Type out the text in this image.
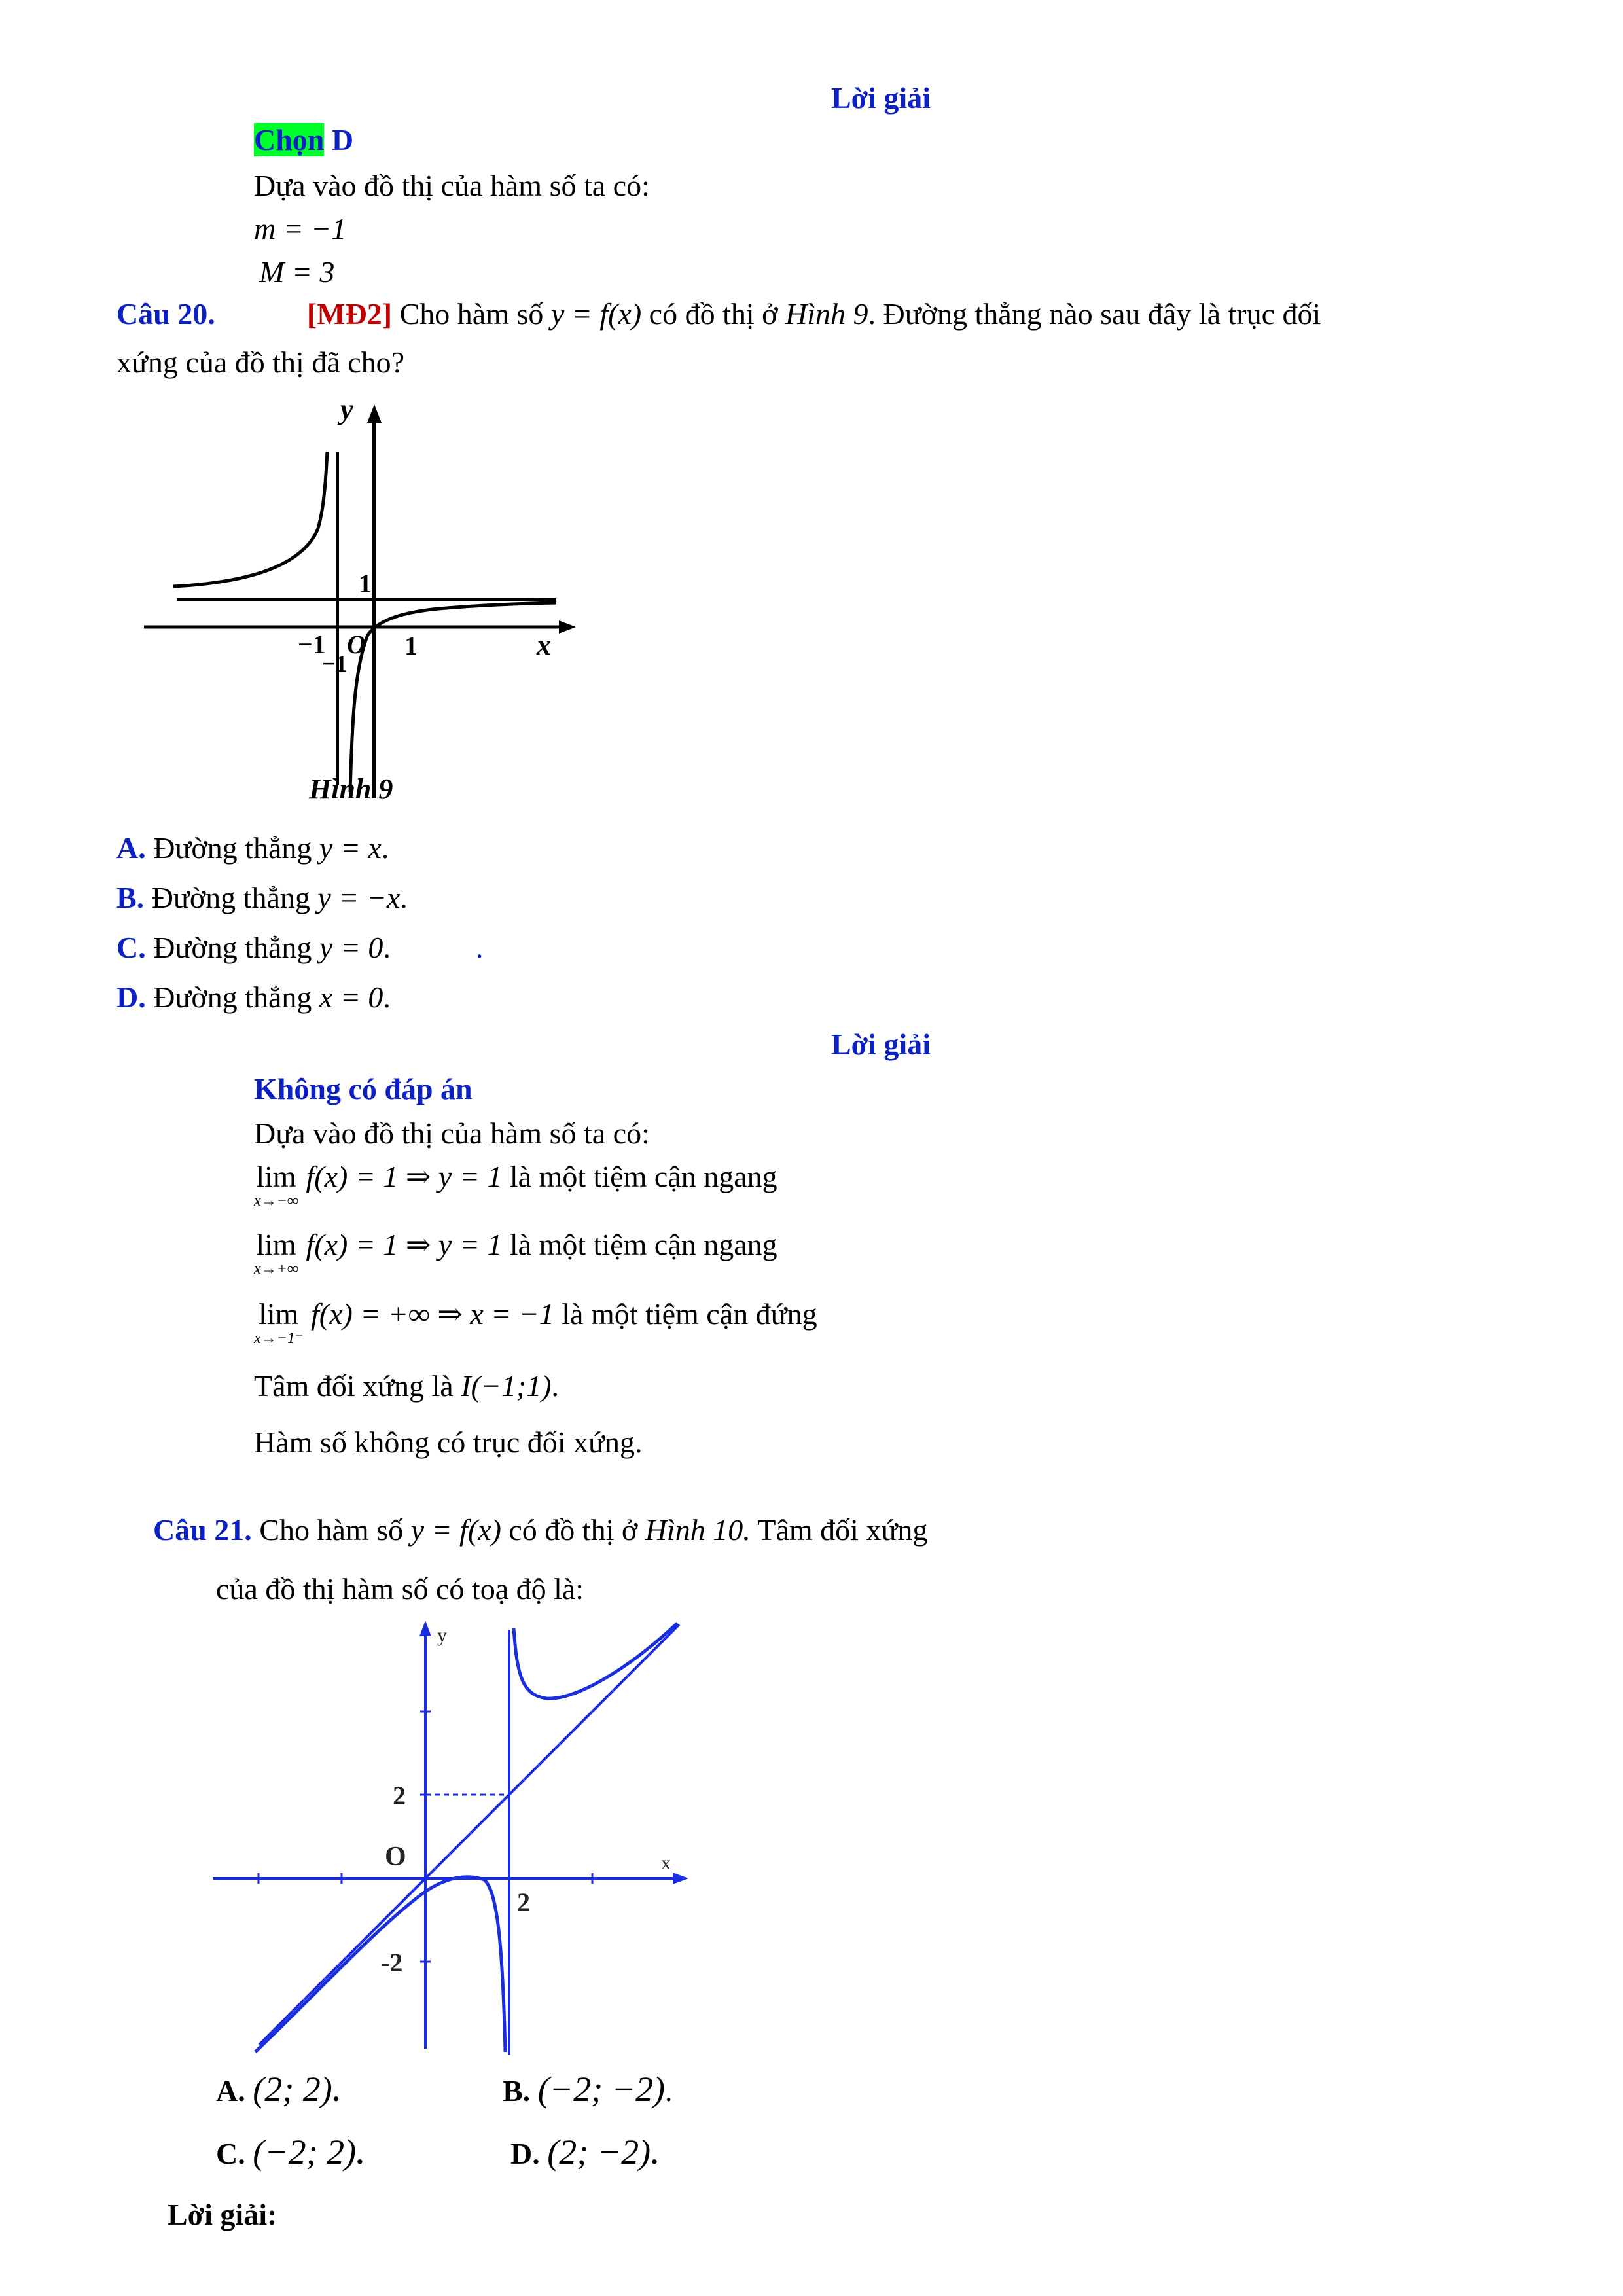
Lời giải
Chọn D
Dựa vào đồ thị của hàm số ta có:
m = −1
M = 3
Câu 20.	[MĐ2] Cho hàm số y = f(x) có đồ thị ở Hình 9. Đường thẳng nào sau đây là trục đối
xứng của đồ thị đã cho?
y
x
1
−1 O 1
−1
Hình 9
A. Đường thẳng y = x.
B. Đường thẳng y = −x.
C. Đường thẳng y = 0.	.
D. Đường thẳng x = 0.
Lời giải
Không có đáp án
Dựa vào đồ thị của hàm số ta có:
lim
x→−∞
f(x) = 1 ⇒ y = 1 là một tiệm cận ngang
lim
x→+∞
f(x) = 1 ⇒ y = 1 là một tiệm cận ngang
lim
x→−1⁻
f(x) = +∞ ⇒ x = −1 là một tiệm cận đứng
Tâm đối xứng là I(−1;1).
Hàm số không có trục đối xứng.
Câu 21. Cho hàm số y = f(x) có đồ thị ở Hình 10. Tâm đối xứng
của đồ thị hàm số có toạ độ là:
y
x
O
2
2
-2
A. (2; 2).	B. (−2; −2).
C. (−2; 2).	D. (2; −2).
Lời giải:
